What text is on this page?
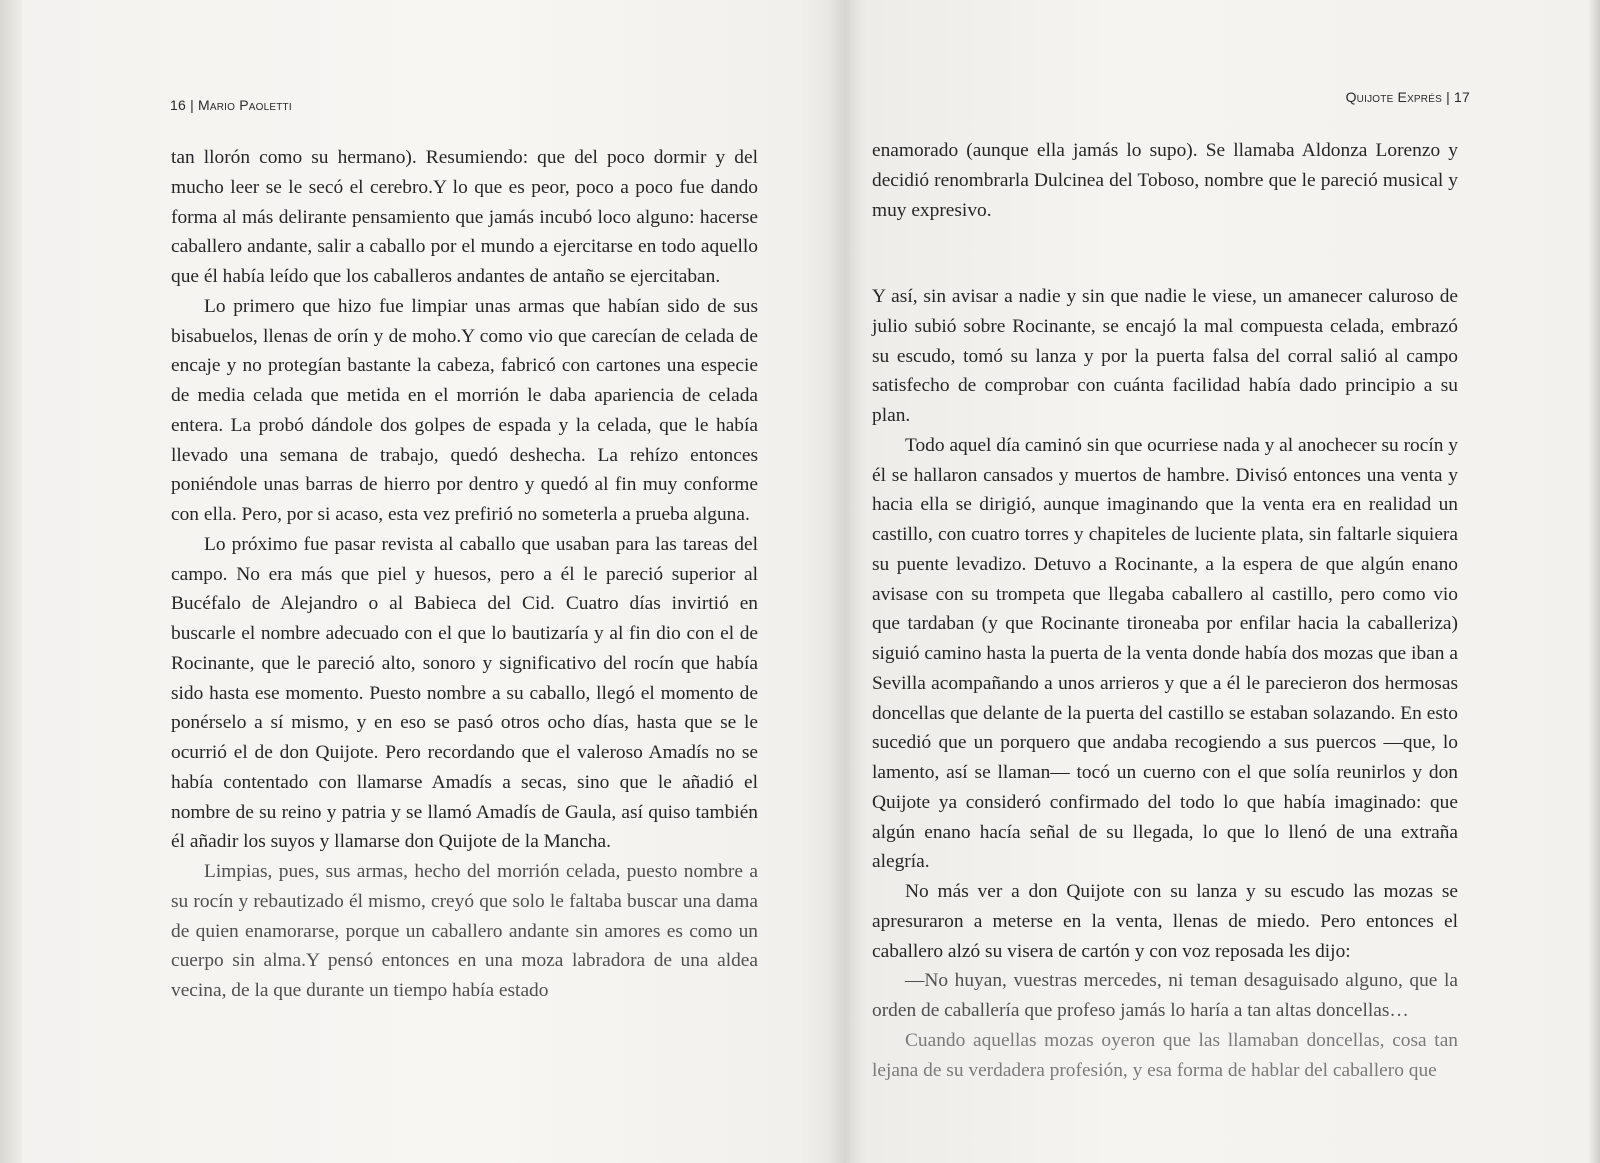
16 | Mario Paoletti

tan llorón como su hermano). Resumiendo: que del poco dormir y del mucho leer se le secó el cerebro.Y lo que es peor, poco a poco fue dando forma al más delirante pensamiento que jamás incubó loco alguno: hacerse caballero andante, salir a caballo por el mundo a ejercitarse en todo aquello que él había leído que los caballeros andantes de antaño se ejercitaban.

Lo primero que hizo fue limpiar unas armas que habían sido de sus bisabuelos, llenas de orín y de moho.Y como vio que carecían de celada de encaje y no protegían bastante la cabeza, fabricó con cartones una especie de media celada que metida en el morrión le daba apariencia de celada entera. La probó dándole dos golpes de espada y la celada, que le había llevado una semana de trabajo, quedó deshecha. La rehízo entonces poniéndole unas barras de hierro por dentro y quedó al fin muy conforme con ella. Pero, por si acaso, esta vez prefirió no someterla a prueba alguna.

Lo próximo fue pasar revista al caballo que usaban para las tareas del campo. No era más que piel y huesos, pero a él le pareció superior al Bucéfalo de Alejandro o al Babieca del Cid. Cuatro días invirtió en buscarle el nombre adecuado con el que lo bautizaría y al fin dio con el de Rocinante, que le pareció alto, sonoro y significativo del rocín que había sido hasta ese momento. Puesto nombre a su caballo, llegó el momento de ponérselo a sí mismo, y en eso se pasó otros ocho días, hasta que se le ocurrió el de don Quijote. Pero recordando que el valeroso Amadís no se había contentado con llamarse Amadís a secas, sino que le añadió el nombre de su reino y patria y se llamó Amadís de Gaula, así quiso también él añadir los suyos y llamarse don Quijote de la Mancha.

Limpias, pues, sus armas, hecho del morrión celada, puesto nombre a su rocín y rebautizado él mismo, creyó que solo le faltaba buscar una dama de quien enamorarse, porque un caballero andante sin amores es como un cuerpo sin alma.Y pensó entonces en una moza labradora de una aldea vecina, de la que durante un tiempo había estado

Quijote Exprés | 17

enamorado (aunque ella jamás lo supo). Se llamaba Aldonza Lorenzo y decidió renombrarla Dulcinea del Toboso, nombre que le pareció musical y muy expresivo.

Y así, sin avisar a nadie y sin que nadie le viese, un amanecer caluroso de julio subió sobre Rocinante, se encajó la mal compuesta celada, embrazó su escudo, tomó su lanza y por la puerta falsa del corral salió al campo satisfecho de comprobar con cuánta facilidad había dado principio a su plan.

Todo aquel día caminó sin que ocurriese nada y al anochecer su rocín y él se hallaron cansados y muertos de hambre. Divisó entonces una venta y hacia ella se dirigió, aunque imaginando que la venta era en realidad un castillo, con cuatro torres y chapiteles de luciente plata, sin faltarle siquiera su puente levadizo. Detuvo a Rocinante, a la espera de que algún enano avisase con su trompeta que llegaba caballero al castillo, pero como vio que tardaban (y que Rocinante tironeaba por enfilar hacia la caballeriza) siguió camino hasta la puerta de la venta donde había dos mozas que iban a Sevilla acompañando a unos arrieros y que a él le parecieron dos hermosas doncellas que delante de la puerta del castillo se estaban solazando. En esto sucedió que un porquero que andaba recogiendo a sus puercos —que, lo lamento, así se llaman— tocó un cuerno con el que solía reunirlos y don Quijote ya consideró confirmado del todo lo que había imaginado: que algún enano hacía señal de su llegada, lo que lo llenó de una extraña alegría.

No más ver a don Quijote con su lanza y su escudo las mozas se apresuraron a meterse en la venta, llenas de miedo. Pero entonces el caballero alzó su visera de cartón y con voz reposada les dijo:

—No huyan, vuestras mercedes, ni teman desaguisado alguno, que la orden de caballería que profeso jamás lo haría a tan altas doncellas…

Cuando aquellas mozas oyeron que las llamaban doncellas, cosa tan lejana de su verdadera profesión, y esa forma de hablar del caballero que
